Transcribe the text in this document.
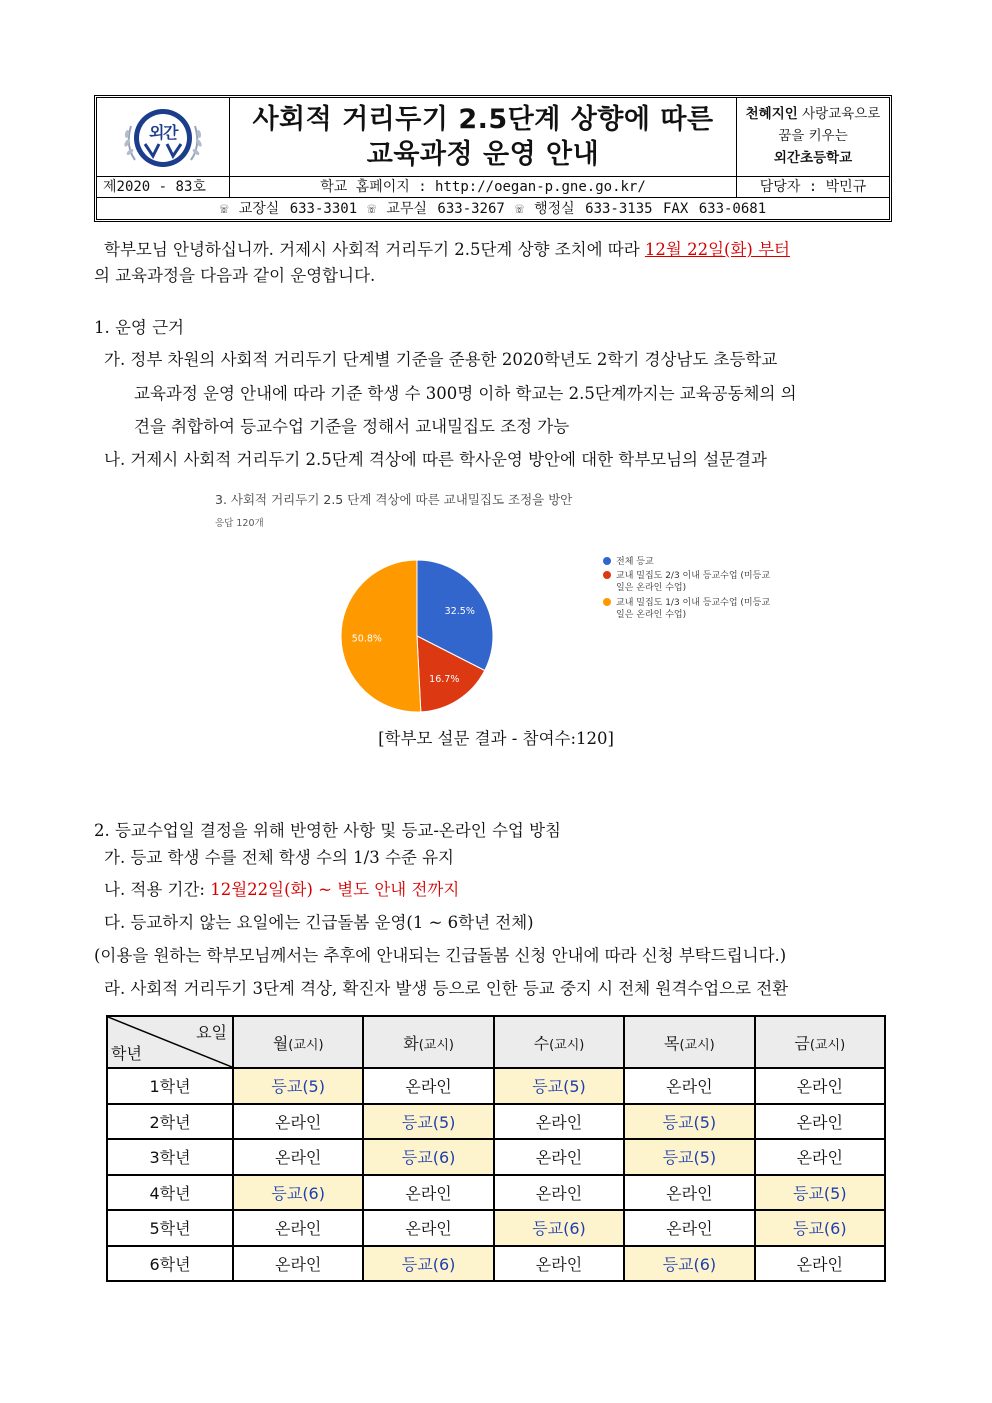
외
간	사회적 거리두기 2.5단계 상향에 따른
교육과정 운영 안내
천혜지인 사랑교육으로
꿈을 키우는
외간초등학교
제2020 - 83호	학교 홈페이지 : http://oegan-p.gne.go.kr/	담당자 : 박민규
☏ 교장실 633-3301 ☏ 교무실 633-3267 ☏ 행정실 633-3135 FAX 633-0681
학부모님 안녕하십니까. 거제시 사회적 거리두기 2.5단계 상향 조치에 따라 12월 22일(화) 부터
의 교육과정을 다음과 같이 운영합니다.
1. 운영 근거
가. 정부 차원의 사회적 거리두기 단계별 기준을 준용한 2020학년도 2학기 경상남도 초등학교
교육과정 운영 안내에 따라 기준 학생 수 300명 이하 학교는 2.5단계까지는 교육공동체의 의
견을 취합하여 등교수업 기준을 정해서 교내밀집도 조정 가능
나. 거제시 사회적 거리두기 2.5단계 격상에 따른 학사운영 방안에 대한 학부모님의 설문결과
3. 사회적 거리두기 2.5 단계 격상에 따른 교내밀집도 조정을 방안
응답 120개
32.5%
16.7%
50.8%
전체 등교
교내 밀집도 2/3 이내 등교수업 (미등교
일은 온라인 수업)
교내 밀집도 1/3 이내 등교수업 (미등교
일은 온라인 수업)
[학부모 설문 결과 - 참여수:120]
2. 등교수업일 결정을 위해 반영한 사항 및 등교-온라인 수업 방침
가. 등교 학생 수를 전체 학생 수의 1/3 수준 유지
나. 적용 기간: 12월22일(화) ~ 별도 안내 전까지
다. 등교하지 않는 요일에는 긴급돌봄 운영(1 ~ 6학년 전체)
(이용을 원하는 학부모님께서는 추후에 안내되는 긴급돌봄 신청 안내에 따라 신청 부탁드립니다.)
라. 사회적 거리두기 3단계 격상, 확진자 발생 등으로 인한 등교 중지 시 전체 원격수업으로 전환
요일
학년	월(교시)	화(교시)	수(교시)	목(교시)	금(교시)
1학년	등교(5)	온라인	등교(5)	온라인	온라인
2학년	온라인	등교(5)	온라인	등교(5)	온라인
3학년	온라인	등교(6)	온라인	등교(5)	온라인
4학년	등교(6)	온라인	온라인	온라인	등교(5)
5학년	온라인	온라인	등교(6)	온라인	등교(6)
6학년	온라인	등교(6)	온라인	등교(6)	온라인
